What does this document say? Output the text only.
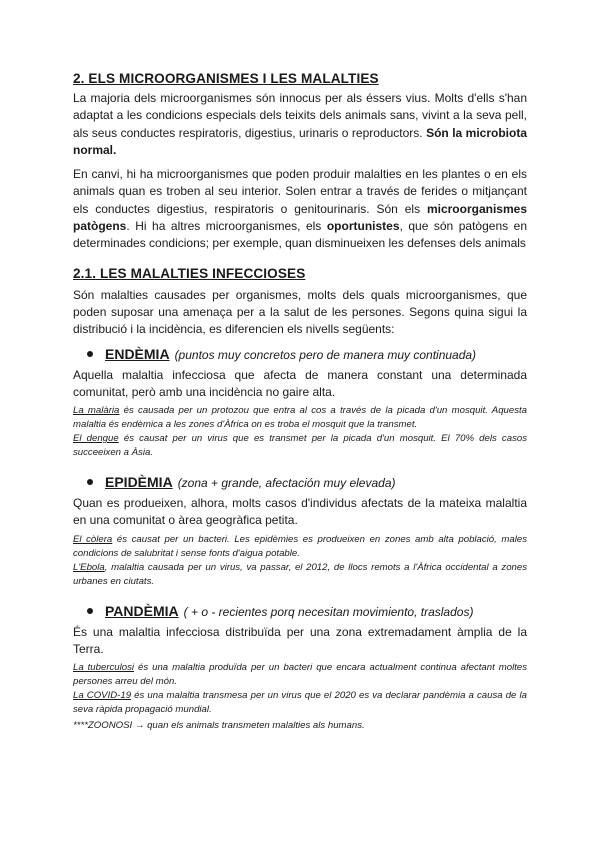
2. ELS MICROORGANISMES I LES MALALTIES

La majoria dels microorganismes són innocus per als éssers vius. Molts d'ells s'han adaptat a les condicions especials dels teixits dels animals sans, vivint a la seva pell, als seus conductes respiratoris, digestius, urinaris o reproductors. Són la microbiota normal.

En canvi, hi ha microorganismes que poden produir malalties en les plantes o en els animals quan es troben al seu interior. Solen entrar a través de ferides o mitjançant els conductes digestius, respiratoris o genitourinaris. Són els microorganismes patògens. Hi ha altres microorganismes, els oportunistes, que són patògens en determinades condicions; per exemple, quan disminueixen les defenses dels animals

2.1. LES MALALTIES INFECCIOSES

Són malalties causades per organismes, molts dels quals microorganismes, que poden suposar una amenaça per a la salut de les persones. Segons quina sigui la distribució i la incidència, es diferencien els nivells següents:

ENDÈMIA (puntos muy concretos pero de manera muy continuada)

Aquella malaltia infecciosa que afecta de manera constant una determinada comunitat, però amb una incidència no gaire alta.

La malària és causada per un protozou que entra al cos a través de la picada d'un mosquit. Aquesta malaltia és endèmica a les zones d'Àfrica on es troba el mosquit que la transmet.

El dengue és causat per un virus que es transmet per la picada d'un mosquit. El 70% dels casos succeeixen a Àsia.

EPIDÈMIA (zona + grande, afectación muy elevada)

Quan es produeixen, alhora, molts casos d'individus afectats de la mateixa malaltia en una comunitat o àrea geogràfica petita.

El còlera és causat per un bacteri. Les epidèmies es produeixen en zones amb alta població, males condicions de salubritat i sense fonts d'aigua potable.

L'Ebola, malaltia causada per un virus, va passar, el 2012, de llocs remots a l'Àfrica occidental a zones urbanes en ciutats.

PANDÈMIA ( + o - recientes porq necesitan movimiento, traslados)

És una malaltia infecciosa distribuïda per una zona extremadament àmplia de la Terra.

La tuberculosi és una malaltia produïda per un bacteri que encara actualment continua afectant moltes persones arreu del món.

La COVID-19 és una malaltia transmesa per un virus que el 2020 es va declarar pandèmia a causa de la seva ràpida propagació mundial.

****ZOONOSI → quan els animals transmeten malalties als humans.
